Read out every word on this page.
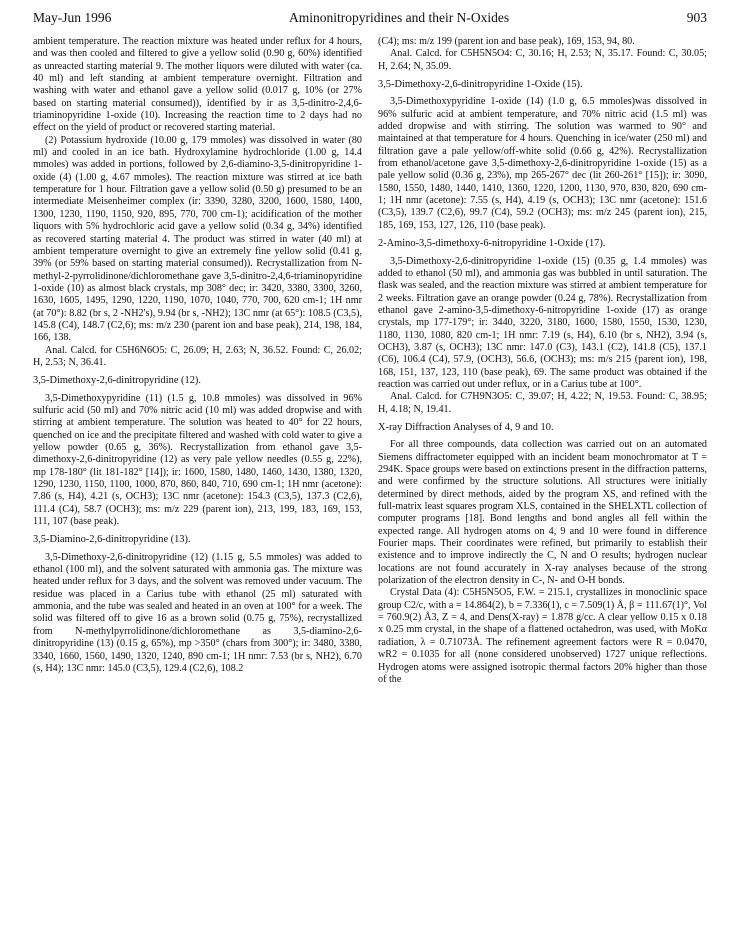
May-Jun 1996	Aminonitropyridines and their N-Oxides	903

ambient temperature. The reaction mixture was heated under reflux for 4 hours, and was then cooled and filtered to give a yellow solid (0.90 g, 60%) identified as unreacted starting material 9. The mother liquors were diluted with water (ca. 40 ml) and left standing at ambient temperature overnight. Filtration and washing with water and ethanol gave a yellow solid (0.017 g, 10% (or 27% based on starting material consumed)), identified by ir as 3,5-dinitro-2,4,6-triaminopyridine 1-oxide (10). Increasing the reaction time to 2 days had no effect on the yield of product or recovered starting material.

(2) Potassium hydroxide (10.00 g, 179 mmoles) was dissolved in water (80 ml) and cooled in an ice bath. Hydroxylamine hydrochloride (1.00 g, 14.4 mmoles) was added in portions, followed by 2,6-diamino-3,5-dinitropyridine 1-oxide (4) (1.00 g, 4.67 mmoles). The reaction mixture was stirred at ice bath temperature for 1 hour. Filtration gave a yellow solid (0.50 g) presumed to be an intermediate Meisenheimer complex (ir: 3390, 3280, 3200, 1600, 1580, 1400, 1300, 1230, 1190, 1150, 920, 895, 770, 700 cm-1); acidification of the mother liquors with 5% hydrochloric acid gave a yellow solid (0.34 g, 34%) identified as recovered starting material 4. The product was stirred in water (40 ml) at ambient temperature overnight to give an extremely fine yellow solid (0.41 g, 39% (or 59% based on starting material consumed)). Recrystallization from N-methyl-2-pyrrolidinone/dichloromethane gave 3,5-dinitro-2,4,6-triaminopyridine 1-oxide (10) as almost black crystals, mp 308° dec; ir: 3420, 3380, 3300, 3260, 1630, 1605, 1495, 1290, 1220, 1190, 1070, 1040, 770, 700, 620 cm-1; 1H nmr (at 70°): 8.82 (br s, 2 -NH2's), 9.94 (br s, -NH2); 13C nmr (at 65°): 108.5 (C3,5), 145.8 (C4), 148.7 (C2,6); ms: m/z 230 (parent ion and base peak), 214, 198, 184, 166, 138.

Anal. Calcd. for C5H6N6O5: C, 26.09; H, 2.63; N, 36.52. Found: C, 26.02; H, 2.53; N, 36.41.

3,5-Dimethoxy-2,6-dinitropyridine (12).

3,5-Dimethoxypyridine (11) (1.5 g, 10.8 mmoles) was dissolved in 96% sulfuric acid (50 ml) and 70% nitric acid (10 ml) was added dropwise and with stirring at ambient temperature. The solution was heated to 40° for 22 hours, quenched on ice and the precipitate filtered and washed with cold water to give a yellow powder (0.65 g, 36%). Recrystallization from ethanol gave 3,5-dimethoxy-2,6-dinitropyridine (12) as very pale yellow needles (0.55 g, 22%), mp 178-180° (lit 181-182° [14]); ir: 1600, 1580, 1480, 1460, 1430, 1380, 1320, 1290, 1230, 1150, 1100, 1000, 870, 860, 840, 710, 690 cm-1; 1H nmr (acetone): 7.86 (s, H4), 4.21 (s, OCH3); 13C nmr (acetone): 154.3 (C3,5), 137.3 (C2,6), 111.4 (C4), 58.7 (OCH3); ms: m/z 229 (parent ion), 213, 199, 183, 169, 153, 111, 107 (base peak).

3,5-Diamino-2,6-dinitropyridine (13).

3,5-Dimethoxy-2,6-dinitropyridine (12) (1.15 g, 5.5 mmoles) was added to ethanol (100 ml), and the solvent saturated with ammonia gas. The mixture was heated under reflux for 3 days, and the solvent was removed under vacuum. The residue was placed in a Carius tube with ethanol (25 ml) saturated with ammonia, and the tube was sealed and heated in an oven at 100° for a week. The solid was filtered off to give 16 as a brown solid (0.75 g, 75%), recrystallized from N-methylpyrrolidinone/dichloromethane as 3,5-diamino-2,6-dinitropyridine (13) (0.15 g, 65%), mp >350° (chars from 300°); ir: 3480, 3380, 3340, 1660, 1560, 1490, 1320, 1240, 890 cm-1; 1H nmr: 7.53 (br s, NH2), 6.70 (s, H4); 13C nmr: 145.0 (C3,5), 129.4 (C2,6), 108.2

(C4); ms: m/z 199 (parent ion and base peak), 169, 153, 94, 80.

Anal. Calcd. for C5H5N5O4: C, 30.16; H, 2.53; N, 35.17. Found: C, 30.05; H, 2.64; N, 35.09.

3,5-Dimethoxy-2,6-dinitropyridine 1-Oxide (15).

3,5-Dimethoxypyridine 1-oxide (14) (1.0 g, 6.5 mmoles)was dissolved in 96% sulfuric acid at ambient temperature, and 70% nitric acid (1.5 ml) was added dropwise and with stirring. The solution was warmed to 90° and maintained at that temperature for 4 hours. Quenching in ice/water (250 ml) and filtration gave a pale yellow/off-white solid (0.66 g, 42%). Recrystallization from ethanol/acetone gave 3,5-dimethoxy-2,6-dinitropyridine 1-oxide (15) as a pale yellow solid (0.36 g, 23%), mp 265-267° dec (lit 260-261° [15]); ir: 3090, 1580, 1550, 1480, 1440, 1410, 1360, 1220, 1200, 1130, 970, 830, 820, 690 cm-1; 1H nmr (acetone): 7.55 (s, H4), 4.19 (s, OCH3); 13C nmr (acetone): 151.6 (C3,5), 139.7 (C2,6), 99.7 (C4), 59.2 (OCH3); ms: m/z 245 (parent ion), 215, 185, 169, 153, 127, 126, 110 (base peak).

2-Amino-3,5-dimethoxy-6-nitropyridine 1-Oxide (17).

3,5-Dimethoxy-2,6-dinitropyridine 1-oxide (15) (0.35 g, 1.4 mmoles) was added to ethanol (50 ml), and ammonia gas was bubbled in until saturation. The flask was sealed, and the reaction mixture was stirred at ambient temperature for 2 weeks. Filtration gave an orange powder (0.24 g, 78%). Recrystallization from ethanol gave 2-amino-3,5-dimethoxy-6-nitropyridine 1-oxide (17) as orange crystals, mp 177-179°; ir: 3440, 3220, 3180, 1600, 1580, 1550, 1530, 1230, 1180, 1130, 1080, 820 cm-1; 1H nmr: 7.19 (s, H4), 6.10 (br s, NH2), 3.94 (s, OCH3), 3.87 (s, OCH3); 13C nmr: 147.0 (C3), 143.1 (C2), 141.8 (C5), 137.1 (C6), 106.4 (C4), 57.9, (OCH3), 56.6, (OCH3); ms: m/s 215 (parent ion), 198, 168, 151, 137, 123, 110 (base peak), 69. The same product was obtained if the reaction was carried out under reflux, or in a Carius tube at 100°.

Anal. Calcd. for C7H9N3O5: C, 39.07; H, 4.22; N, 19.53. Found: C, 38.95; H, 4.18; N, 19.41.

X-ray Diffraction Analyses of 4, 9 and 10.

For all three compounds, data collection was carried out on an automated Siemens diffractometer equipped with an incident beam monochromator at T = 294K. Space groups were based on extinctions present in the diffraction patterns, and were confirmed by the structure solutions. All structures were initially determined by direct methods, aided by the program XS, and refined with the full-matrix least squares program XLS, contained in the SHELXTL collection of computer programs [18]. Bond lengths and bond angles all fell within the expected range. All hydrogen atoms on 4, 9 and 10 were found in difference Fourier maps. Their coordinates were refined, but primarily to establish their existence and to improve indirectly the C, N and O results; hydrogen nuclear locations are not found accurately in X-ray analyses because of the strong polarization of the electron density in C-, N- and O-H bonds.

Crystal Data (4): C5H5N5O5, F.W. = 215.1, crystallizes in monoclinic space group C2/c, with a = 14.864(2), b = 7.336(1), c = 7.509(1) Å, β = 111.67(1)°, Vol = 760.9(2) Å3, Z = 4, and Dens(X-ray) = 1.878 g/cc. A clear yellow 0.15 x 0.18 x 0.25 mm crystal, in the shape of a flattened octahedron, was used, with MoKα radiation, λ = 0.71073Å. The refinement agreement factors were R = 0.0470, wR2 = 0.1035 for all (none considered unobserved) 1727 unique reflections. Hydrogen atoms were assigned isotropic thermal factors 20% higher than those of the
